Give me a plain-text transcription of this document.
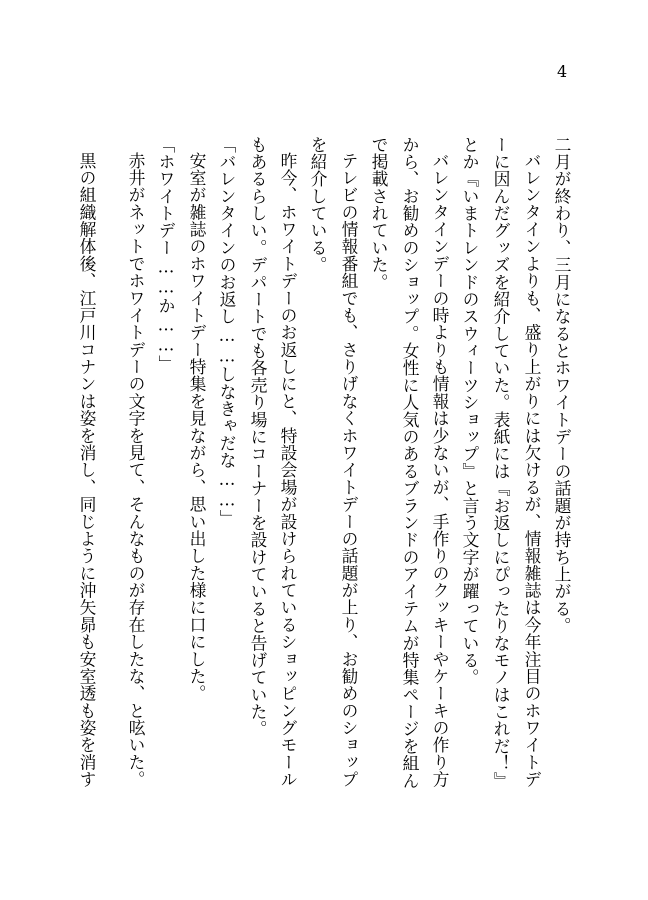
4
二月が終わり、三月になるとホワイトデーの話題が持ち上がる。
バレンタインよりも、盛り上がりには欠けるが、情報雑誌は今年注目のホワイトデ
ーに因んだグッズを紹介していた。表紙には『お返しにぴったりなモノはこれだ！』
とか『いまトレンドのスウィーツショップ』と言う文字が躍っている。
バレンタインデーの時よりも情報は少ないが、手作りのクッキーやケーキの作り方
から、お勧めのショップ。女性に人気のあるブランドのアイテムが特集ページを組ん
で掲載されていた。
テレビの情報番組でも、さりげなくホワイトデーの話題が上り、お勧めのショップ
を紹介している。
昨今、ホワイトデーのお返しにと、特設会場が設けられているショッピングモール
もあるらしい。デパートでも各売り場にコーナーを設けていると告げていた。
「バレンタインのお返し……しなきゃだな……」
安室が雑誌のホワイトデー特集を見ながら、思い出した様に口にした。
「ホワイトデー……か……」
赤井がネットでホワイトデーの文字を見て、そんなものが存在したな、と呟いた。
黒の組織解体後、江戸川コナンは姿を消し、同じように沖矢昴も安室透も姿を消す
